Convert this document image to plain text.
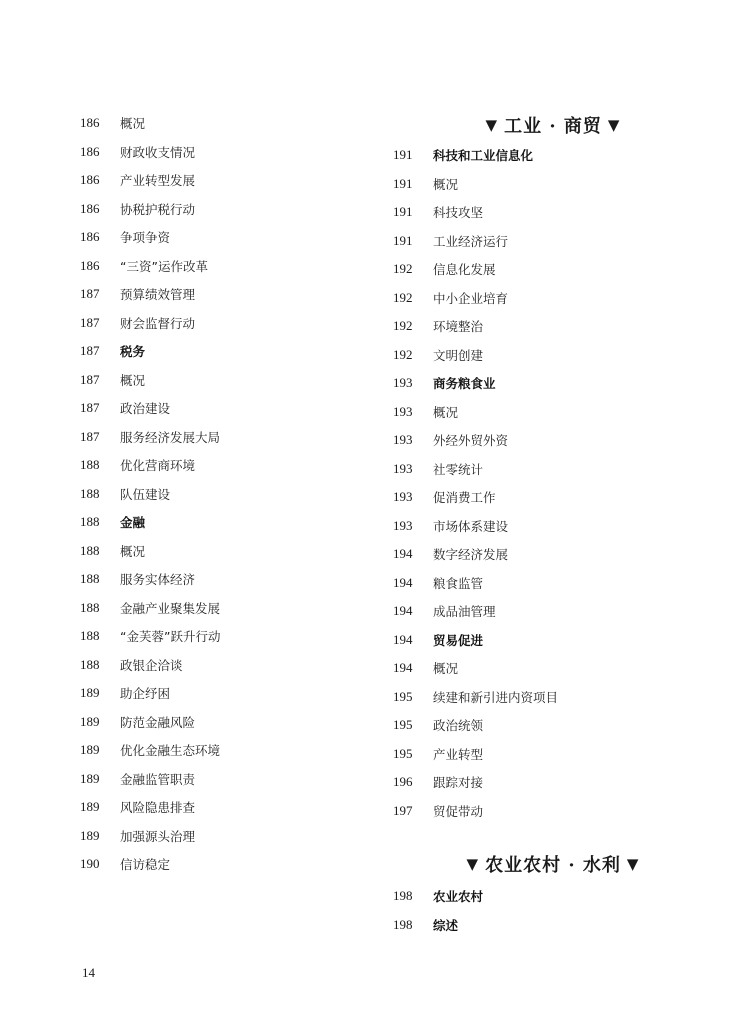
186	概况
186	财政收支情况
186	产业转型发展
186	协税护税行动
186	争项争资
186	“三资”运作改革
187	预算绩效管理
187	财会监督行动
187	税务
187	概况
187	政治建设
187	服务经济发展大局
188	优化营商环境
188	队伍建设
188	金融
188	概况
188	服务实体经济
188	金融产业聚集发展
188	“金芙蓉”跃升行动
188	政银企洽谈
189	助企纾困
189	防范金融风险
189	优化金融生态环境
189	金融监管职责
189	风险隐患排查
189	加强源头治理
190	信访稳定
▼ 工业 · 商贸 ▼
191	科技和工业信息化
191	概况
191	科技攻坚
191	工业经济运行
192	信息化发展
192	中小企业培育
192	环境整治
192	文明创建
193	商务粮食业
193	概况
193	外经外贸外资
193	社零统计
193	促消费工作
193	市场体系建设
194	数字经济发展
194	粮食监管
194	成品油管理
194	贸易促进
194	概况
195	续建和新引进内资项目
195	政治统领
195	产业转型
196	跟踪对接
197	贸促带动
▼ 农业农村 · 水利 ▼
198	农业农村
198	综述
14
